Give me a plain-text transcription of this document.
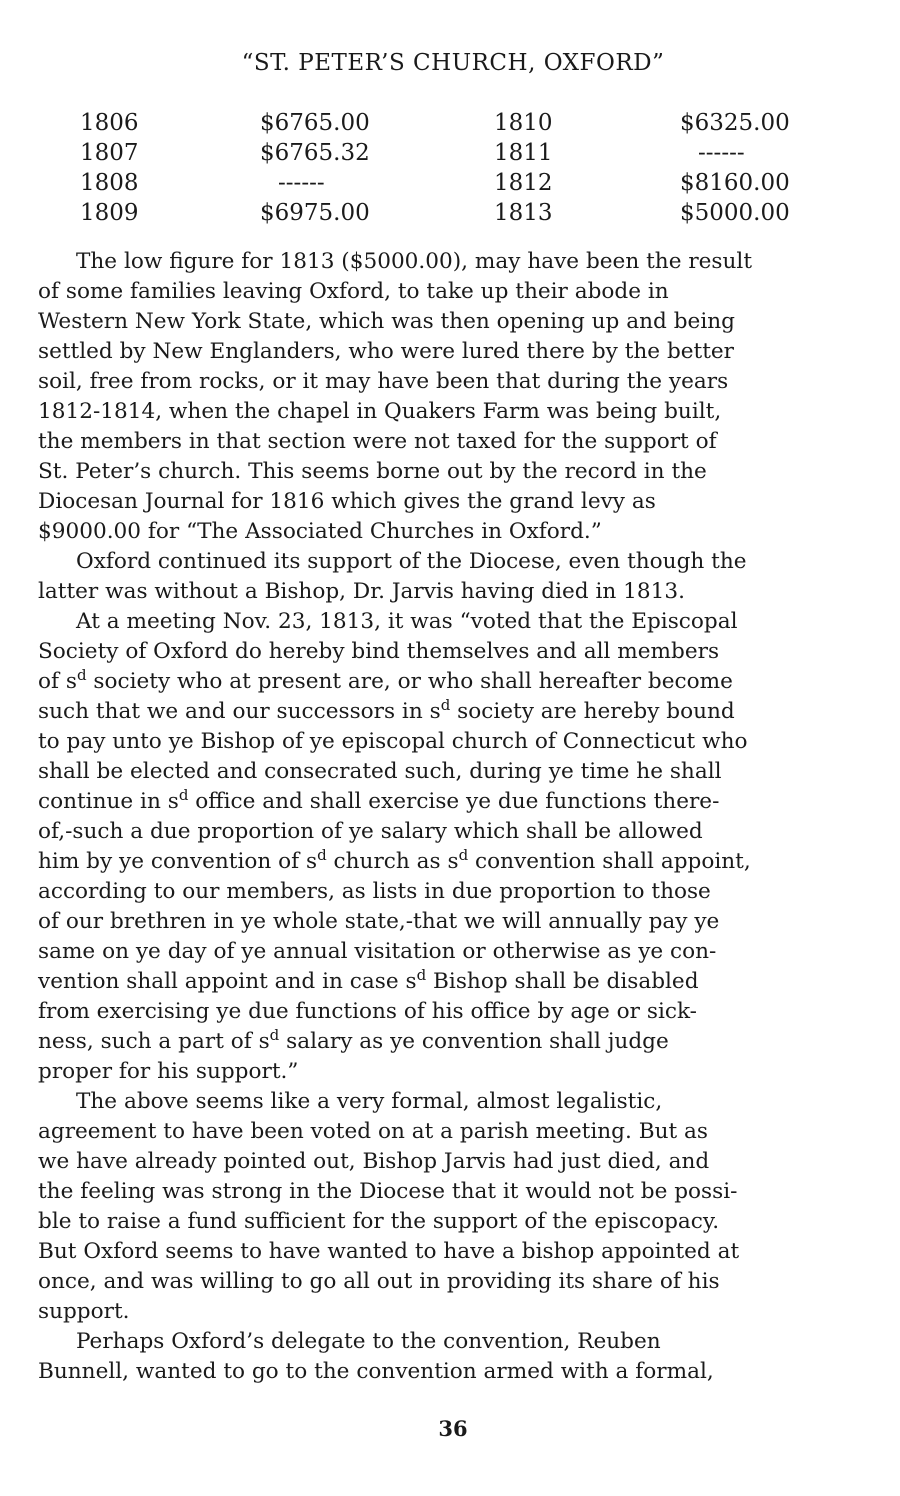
“ST. PETER’S CHURCH, OXFORD”
1806	$6765.00	1810	$6325.00
1807	$6765.32	1811	------
1808	------	1812	$8160.00
1809	$6975.00	1813	$5000.00

The low figure for 1813 ($5000.00), may have been the result
of some families leaving Oxford, to take up their abode in
Western New York State, which was then opening up and being
settled by New Englanders, who were lured there by the better
soil, free from rocks, or it may have been that during the years
1812-1814, when the chapel in Quakers Farm was being built,
the members in that section were not taxed for the support of
St. Peter’s church. This seems borne out by the record in the
Diocesan Journal for 1816 which gives the grand levy as
$9000.00 for “The Associated Churches in Oxford.”

Oxford continued its support of the Diocese, even though the
latter was without a Bishop, Dr. Jarvis having died in 1813.

At a meeting Nov. 23, 1813, it was “voted that the Episcopal
Society of Oxford do hereby bind themselves and all members
of $s^d$ society who at present are, or who shall hereafter become
such that we and our successors in $s^d$ society are hereby bound
to pay unto ye Bishop of ye episcopal church of Connecticut who
shall be elected and consecrated such, during ye time he shall
continue in $s^d$ office and shall exercise ye due functions there-
of,-such a due proportion of ye salary which shall be allowed
him by ye convention of $s^d$ church as $s^d$ convention shall appoint,
according to our members, as lists in due proportion to those
of our brethren in ye whole state,-that we will annually pay ye
same on ye day of ye annual visitation or otherwise as ye con-
vention shall appoint and in case $s^d$ Bishop shall be disabled
from exercising ye due functions of his office by age or sick-
ness, such a part of $s^d$ salary as ye convention shall judge
proper for his support.”

The above seems like a very formal, almost legalistic,
agreement to have been voted on at a parish meeting. But as
we have already pointed out, Bishop Jarvis had just died, and
the feeling was strong in the Diocese that it would not be possi-
ble to raise a fund sufficient for the support of the episcopacy.
But Oxford seems to have wanted to have a bishop appointed at
once, and was willing to go all out in providing its share of his
support.

Perhaps Oxford’s delegate to the convention, Reuben
Bunnell, wanted to go to the convention armed with a formal,

36
